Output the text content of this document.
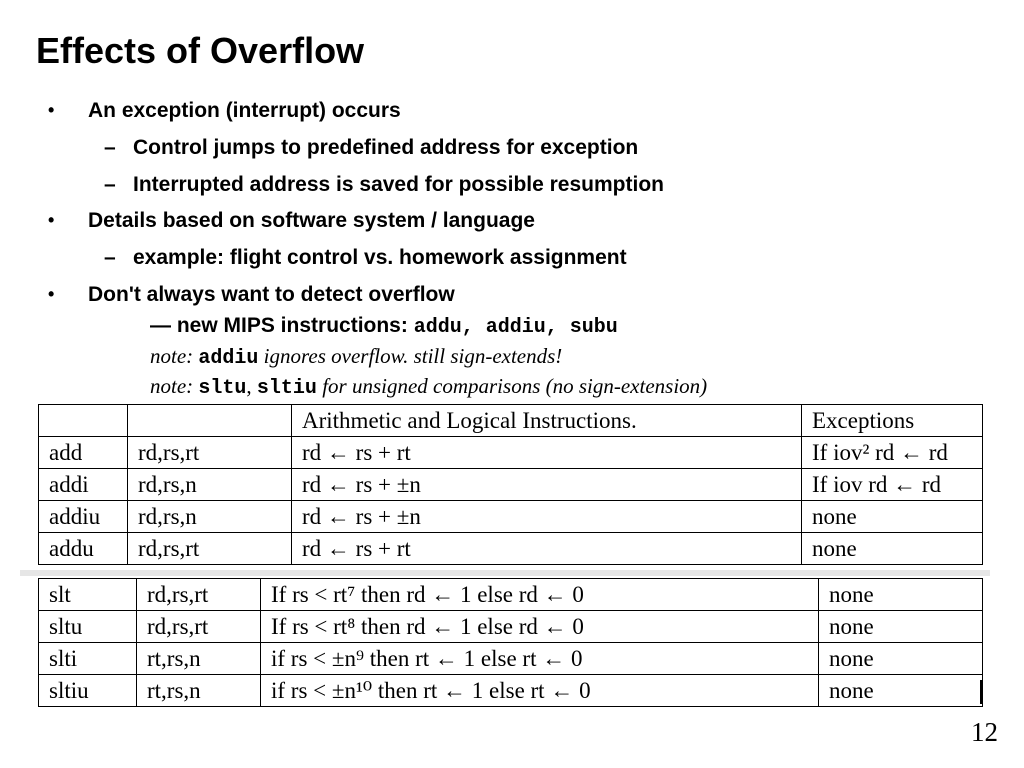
Effects of Overflow
• An exception (interrupt) occurs
– Control jumps to predefined address for exception
– Interrupted address is saved for possible resumption
• Details based on software system / language
– example: flight control vs. homework assignment
• Don't always want to detect overflow
— new MIPS instructions: addu, addiu, subu
note: addiu ignores overflow. still sign-extends!
note: sltu, sltiu for unsigned comparisons (no sign-extension)
		Arithmetic and Logical Instructions.	Exceptions
add	rd,rs,rt	rd ← rs + rt	If iov² rd ← rd
addi	rd,rs,n	rd ← rs + ±n	If iov rd ← rd
addiu	rd,rs,n	rd ← rs + ±n	none
addu	rd,rs,rt	rd ← rs + rt	none
slt	rd,rs,rt	If rs < rt⁷ then rd ← 1 else rd ← 0	none
sltu	rd,rs,rt	If rs < rt⁸ then rd ← 1 else rd ← 0	none
slti	rt,rs,n	if rs < ±n⁹ then rt ← 1 else rt ← 0	none
sltiu	rt,rs,n	if rs < ±n¹⁰ then rt ← 1 else rt ← 0	none
12
